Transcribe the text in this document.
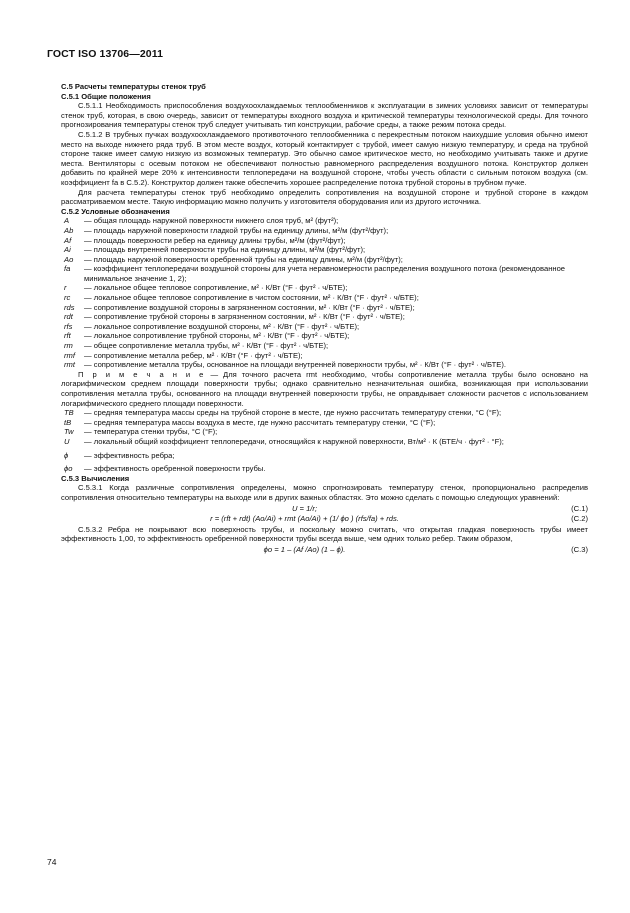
ГОСТ ISO 13706—2011

C.5 Расчеты температуры стенок труб

C.5.1 Общие положения

C.5.1.1 Необходимость приспособления воздухоохлаждаемых теплообменников к эксплуатации в зимних условиях зависит от температуры стенок труб, которая, в свою очередь, зависит от температуры входного воздуха и критической температуры технологической среды. Для точного прогнозирования температуры стенок труб следует учитывать тип конструкции, рабочие среды, а также режим потока среды.

C.5.1.2 В трубных пучках воздухоохлаждаемого противоточного теплообменника с перекрестным потоком наихудшие условия обычно имеют место на выходе нижнего ряда труб. В этом месте воздух, который контактирует с трубой, имеет самую низкую температуру, и среда на трубной стороне также имеет самую низкую из возможных температур. Это обычно самое критическое место, но необходимо учитывать также и другие места. Вентиляторы с осевым потоком не обеспечивают полностью равномерного распределения воздушного потока. Конструктор должен добавить по крайней мере 20% к интенсивности теплопередачи на воздушной стороне, чтобы учесть области с сильным потоком воздуха (см. коэффициент fa в C.5.2). Конструктор должен также обеспечить хорошее распределение потока трубной стороны в трубном пучке.

Для расчета температуры стенок труб необходимо определить сопротивления на воздушной стороне и трубной стороне в каждом рассматриваемом месте. Такую информацию можно получить у изготовителя оборудования или из другого источника.

C.5.2 Условные обозначения

A	— общая площадь наружной поверхности нижнего слоя труб, м² (фут²);
Ab	— площадь наружной поверхности гладкой трубы на единицу длины, м²/м (фут²/фут);
Af	— площадь поверхности ребер на единицу длины трубы, м²/м (фут²/фут);
Ai	— площадь внутренней поверхности трубы на единицу длины, м²/м (фут²/фут);
Ao	— площадь наружной поверхности оребренной трубы на единицу длины, м²/м (фут²/фут);
fa	— коэффициент теплопередачи воздушной стороны для учета неравномерности распределения воздушного потока (рекомендованное минимальное значение 1, 2);
r	— локальное общее тепловое сопротивление, м² · К/Вт (°F · фут² · ч/БТЕ);
rc	— локальное общее тепловое сопротивление в чистом состоянии, м² · К/Вт (°F · фут² · ч/БТЕ);
rds	— сопротивление воздушной стороны в загрязненном состоянии, м² · К/Вт (°F · фут² · ч/БТЕ);
rdt	— сопротивление трубной стороны в загрязненном состоянии, м² · К/Вт (°F · фут² · ч/БТЕ);
rfs	— локальное сопротивление воздушной стороны, м² · К/Вт (°F · фут² · ч/БТЕ);
rft	— локальное сопротивление трубной стороны, м² · К/Вт (°F · фут² · ч/БТЕ);
rm	— общее сопротивление металла трубы, м² · К/Вт (°F · фут² · ч/БТЕ);
rmf	— сопротивление металла ребер, м² · К/Вт (°F · фут² · ч/БТЕ);
rmt	— сопротивление металла трубы, основанное на площади внутренней поверхности трубы, м² · К/Вт (°F · фут² · ч/БТЕ).

П р и м е ч а н и е — Для точного расчета rmt необходимо, чтобы сопротивление металла трубы было основано на логарифмическом среднем площади поверхности трубы; однако сравнительно незначительная ошибка, возникающая при использовании сопротивления металла трубы, основанного на площади внутренней поверхности трубы, не оправдывает сложности расчетов с использованием логарифмического среднего площади поверхности.

TB	— средняя температура массы среды на трубной стороне в месте, где нужно рассчитать температуру стенки, °C (°F);
tB	— средняя температура массы воздуха в месте, где нужно рассчитать температуру стенки, °C (°F);
Tw	— температура стенки трубы, °C (°F);
U	— локальный общий коэффициент теплопередачи, относящийся к наружной поверхности, Вт/м² · К (БТЕ/ч · фут² · °F);
ϕ	— эффективность ребра;
ϕo	— эффективность оребренной поверхности трубы.

C.5.3 Вычисления

C.5.3.1 Когда различные сопротивления определены, можно спрогнозировать температуру стенок, пропорционально распределив сопротивления относительно температуры на выходе или в других важных областях. Это можно сделать с помощью следующих уравнений:

U = 1/r;	(C.1)
r = (rft + rdt) (Ao/Ai) + rmt (Ao/Ai) + (1/ ϕo ) (rfs/fa) + rds.	(C.2)

C.5.3.2 Ребра не покрывают всю поверхность трубы, и поскольку можно считать, что открытая гладкая поверхность трубы имеет эффективность 1,00, то эффективность оребренной поверхности трубы всегда выше, чем одних только ребер. Таким образом,

ϕo = 1 – (Af /Ao) (1 – ϕ).	(C.3)
74
